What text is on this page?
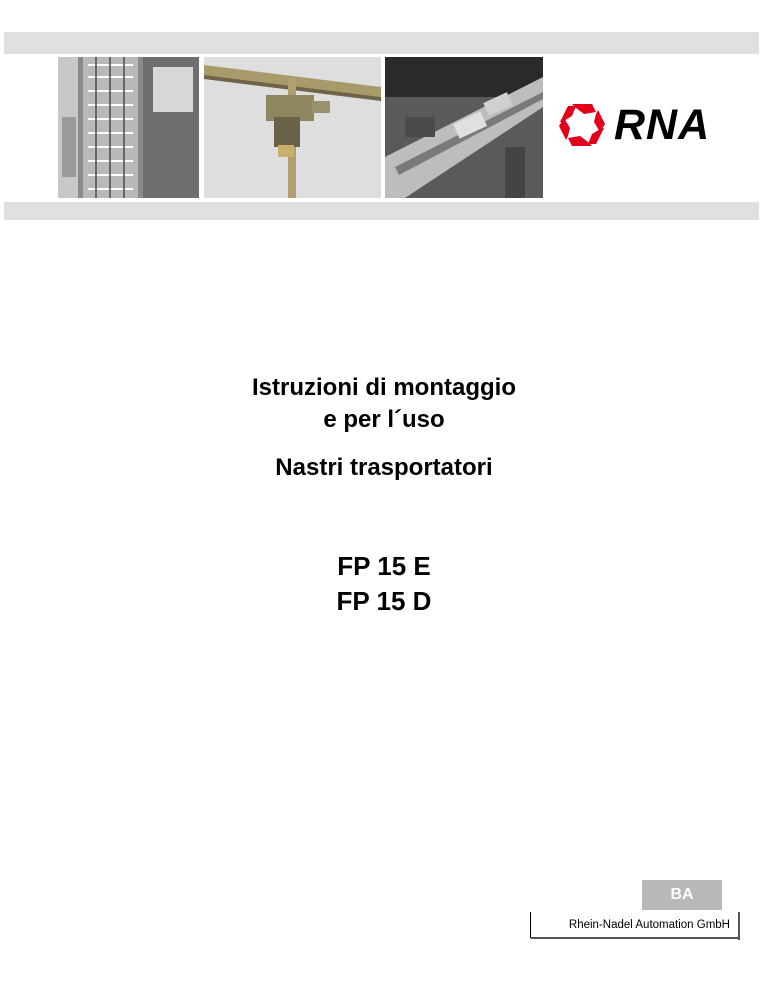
RNA
Istruzioni di montaggio
e per l´uso
Nastri trasportatori
FP 15 E
FP 15 D
BA
Rhein-Nadel Automation GmbH
